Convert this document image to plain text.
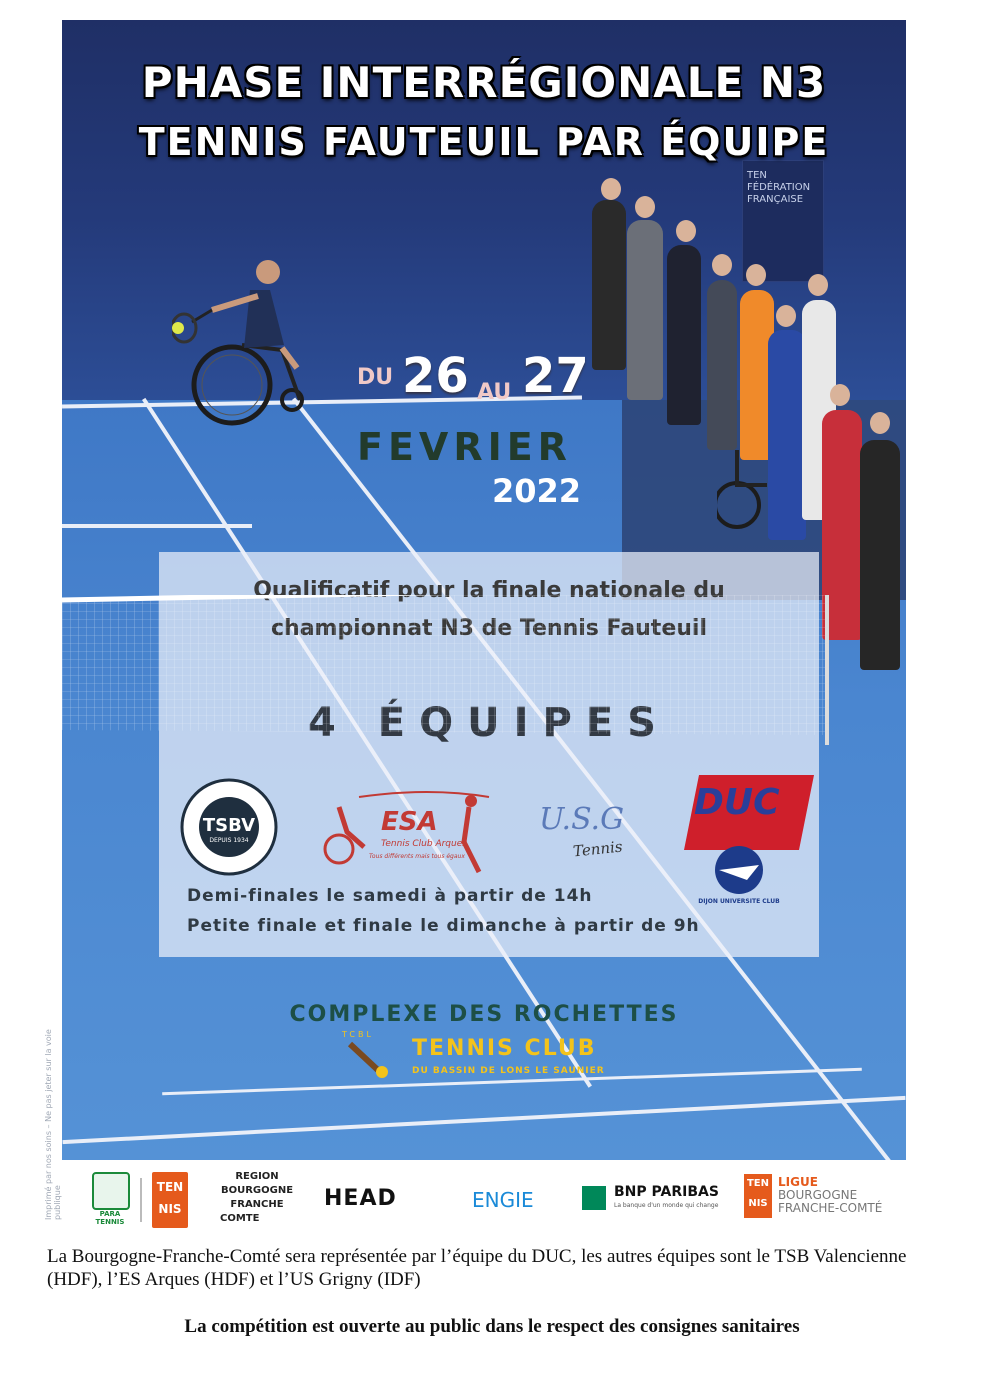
TEN FÉDÉRATION FRANÇAISE
PHASE INTERRÉGIONALE N3
TENNIS FAUTEUIL PAR ÉQUIPE
DU 26 AU 27
FEVRIER
2022
Qualificatif pour la finale nationale du
TSBV
DEPUIS 1934
ESA
Tennis Club Arques
Tous différents mais tous égaux
U.S.G
Tennis
DUC
DIJON UNIVERSITE CLUB
Demi-finales le samedi à partir de 14h
Petite finale et finale le dimanche à partir de 9h
COMPLEXE DES ROCHETTES
TCBL
TENNIS CLUB
DU BASSIN DE LONS LE SAUNIER
Imprimé par nos soins – Ne pas jeter sur la voie publique	PARA TENNIS
TEN NIS
REGION
BOURGOGNE
FRANCHE
COMTE
HEAD	ENGIE	BNP PARIBAS
La banque d'un monde qui change
TEN NIS
LIGUE
BOURGOGNE
FRANCHE-COMTÉ

La Bourgogne-Franche-Comté sera représentée par l’équipe du DUC, les autres équipes sont le TSB Valencienne (HDF), l’ES Arques (HDF) et l’US Grigny (IDF)

La compétition est ouverte au public dans le respect des consignes sanitaires
